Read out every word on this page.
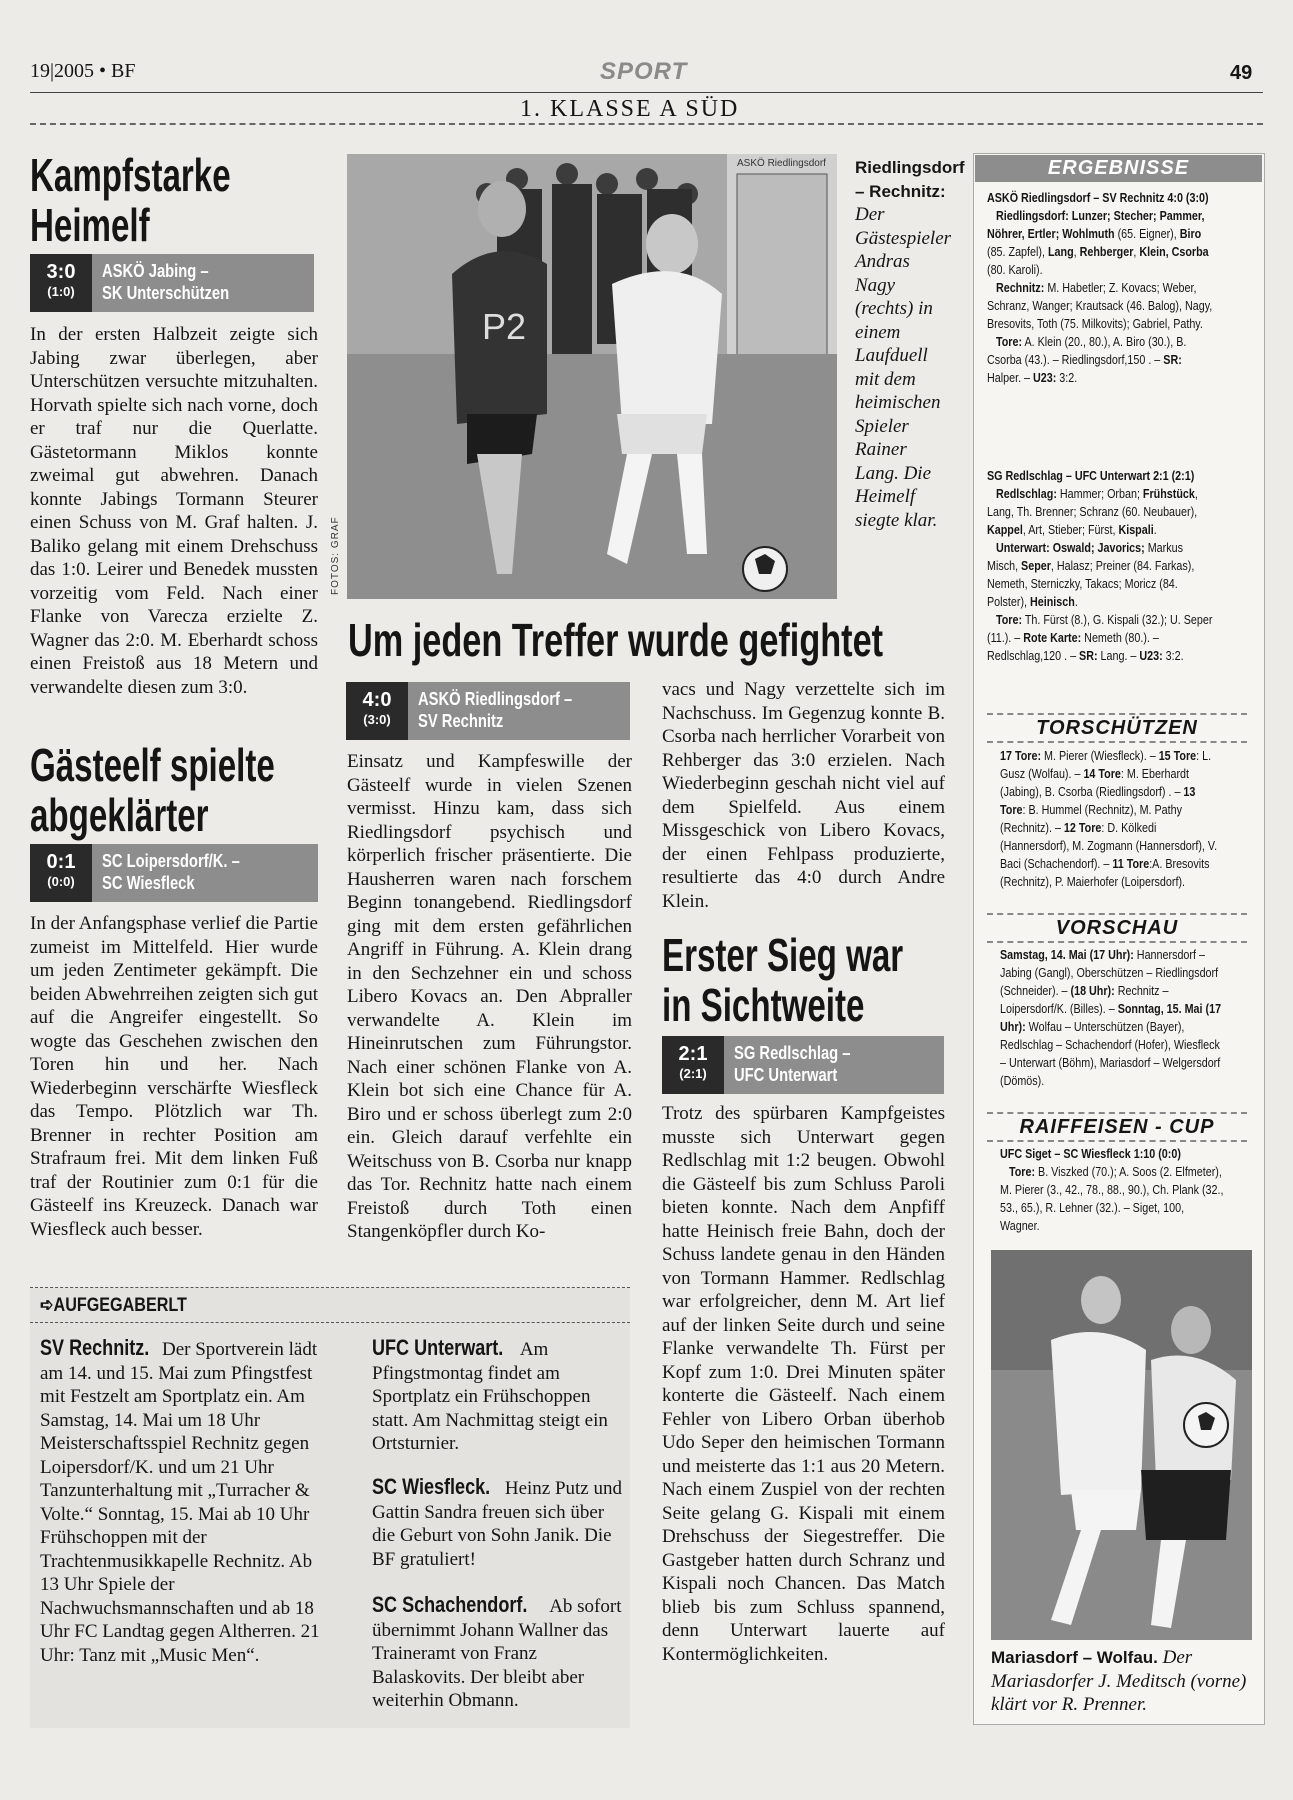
19|2005 • BF	SPORT	49
1. KLASSE A SÜD
Kampfstarke Heimelf
3:0
(1:0)
ASKÖ Jabing –
SK Unterschützen

In der ersten Halbzeit zeigte sich Jabing zwar überlegen, aber Unterschützen versuchte mitzuhalten. Horvath spielte sich nach vorne, doch er traf nur die Querlatte. Gästetormann Miklos konnte zweimal gut abwehren. Danach konnte Jabings Tormann Steurer einen Schuss von M. Graf halten. J. Baliko gelang mit einem Drehschuss das 1:0. Leirer und Benedek mussten vorzeitig vom Feld. Nach einer Flanke von Varecza erzielte Z. Wagner das 2:0. M. Eberhardt schoss einen Freistoß aus 18 Metern und verwandelte diesen zum 3:0.

Gästeelf spielte abgeklärter
0:1
(0:0)
SC Loipersdorf/K. –
SC Wiesfleck

In der Anfangsphase verlief die Partie zumeist im Mittelfeld. Hier wurde um jeden Zentimeter gekämpft. Die beiden Abwehrreihen zeigten sich gut auf die Angreifer eingestellt. So wogte das Geschehen zwischen den Toren hin und her. Nach Wiederbeginn verschärfte Wiesfleck das Tempo. Plötzlich war Th. Brenner in rechter Position am Strafraum frei. Mit dem linken Fuß traf der Routinier zum 0:1 für die Gästeelf ins Kreuzeck. Danach war Wiesfleck auch besser.

P2
ASKÖ Riedlingsdorf
FOTOS: GRAF
Riedlingsdorf – Rechnitz:
Der Gästespieler Andras Nagy (rechts) in einem Laufduell mit dem heimischen Spieler Rainer Lang. Die Heimelf siegte klar.
Um jeden Treffer wurde gefightet
4:0
(3:0)
ASKÖ Riedlingsdorf –
SV Rechnitz

Einsatz und Kampfeswille der Gästeelf wurde in vielen Szenen vermisst. Hinzu kam, dass sich Riedlingsdorf psychisch und körperlich frischer präsentierte. Die Hausherren waren nach forschem Beginn tonangebend. Riedlingsdorf ging mit dem ersten gefährlichen Angriff in Führung. A. Klein drang in den Sechzehner ein und schoss Libero Kovacs an. Den Abpraller verwandelte A. Klein im Hineinrutschen zum Führungstor. Nach einer schönen Flanke von A. Klein bot sich eine Chance für A. Biro und er schoss überlegt zum 2:0 ein. Gleich darauf verfehlte ein Weitschuss von B. Csorba nur knapp das Tor. Rechnitz hatte nach einem Freistoß durch Toth einen Stangenköpfler durch Ko-

vacs und Nagy verzettelte sich im Nachschuss. Im Gegenzug konnte B. Csorba nach herrlicher Vorarbeit von Rehberger das 3:0 erzielen. Nach Wiederbeginn geschah nicht viel auf dem Spielfeld. Aus einem Missgeschick von Libero Kovacs, der einen Fehlpass produzierte, resultierte das 4:0 durch Andre Klein.

Erster Sieg war in Sichtweite
2:1
(2:1)
SG Redlschlag –
UFC Unterwart

Trotz des spürbaren Kampfgeistes musste sich Unterwart gegen Redlschlag mit 1:2 beugen. Obwohl die Gästeelf bis zum Schluss Paroli bieten konnte. Nach dem Anpfiff hatte Heinisch freie Bahn, doch der Schuss landete genau in den Händen von Tormann Hammer. Redlschlag war erfolgreicher, denn M. Art lief auf der linken Seite durch und seine Flanke verwandelte Th. Fürst per Kopf zum 1:0. Drei Minuten später konterte die Gästeelf. Nach einem Fehler von Libero Orban überhob Udo Seper den heimischen Tormann und meisterte das 1:1 aus 20 Metern. Nach einem Zuspiel von der rechten Seite gelang G. Kispali mit einem Drehschuss der Siegestreffer. Die Gastgeber hatten durch Schranz und Kispali noch Chancen. Das Match blieb bis zum Schluss spannend, denn Unterwart lauerte auf Kontermöglichkeiten.

➪AUFGEGABERLT
SV Rechnitz. Der Sportverein lädt am 14. und 15. Mai zum Pfingstfest mit Festzelt am Sportplatz ein. Am Samstag, 14. Mai um 18 Uhr Meisterschaftsspiel Rechnitz gegen Loipersdorf/K. und um 21 Uhr Tanzunterhaltung mit „Turracher & Volte.“ Sonntag, 15. Mai ab 10 Uhr Frühschoppen mit der Trachtenmusikkapelle Rechnitz. Ab 13 Uhr Spiele der Nachwuchsmannschaften und ab 18 Uhr FC Landtag gegen Altherren. 21 Uhr: Tanz mit „Music Men“.
UFC Unterwart. Am Pfingstmontag findet am Sportplatz ein Frühschoppen statt. Am Nachmittag steigt ein Ortsturnier.
SC Wiesfleck. Heinz Putz und Gattin Sandra freuen sich über die Geburt von Sohn Janik. Die BF gratuliert!
SC Schachendorf. Ab sofort übernimmt Johann Wallner das Traineramt von Franz Balaskovits. Der bleibt aber weiterhin Obmann.
ERGEBNISSE
ASKÖ Riedlingsdorf – SV Rechnitz 4:0 (3:0)
Riedlingsdorf: Lunzer; Stecher; Pammer, Nöhrer, Ertler; Wohlmuth (65. Eigner), Biro (85. Zapfel), Lang, Rehberger, Klein, Csorba (80. Karoli).
Rechnitz: M. Habetler; Z. Kovacs; Weber, Schranz, Wanger; Krautsack (46. Balog), Nagy, Bresovits, Toth (75. Milkovits); Gabriel, Pathy.
Tore: A. Klein (20., 80.), A. Biro (30.), B. Csorba (43.). – Riedlingsdorf,150 . – SR: Halper. – U23: 3:2.
SG Redlschlag – UFC Unterwart 2:1 (2:1)
Redlschlag: Hammer; Orban; Frühstück, Lang, Th. Brenner; Schranz (60. Neubauer), Kappel, Art, Stieber; Fürst, Kispali.
Unterwart: Oswald; Javorics; Markus Misch, Seper, Halasz; Preiner (84. Farkas), Nemeth, Sterniczky, Takacs; Moricz (84. Polster), Heinisch.
Tore: Th. Fürst (8.), G. Kispali (32.); U. Seper (11.). – Rote Karte: Nemeth (80.). – Redlschlag,120 . – SR: Lang. – U23: 3:2.
TORSCHÜTZEN
17 Tore: M. Pierer (Wiesfleck). – 15 Tore: L. Gusz (Wolfau). – 14 Tore: M. Eberhardt (Jabing), B. Csorba (Riedlingsdorf) . – 13 Tore: B. Hummel (Rechnitz), M. Pathy (Rechnitz). – 12 Tore: D. Kölkedi (Hannersdorf), M. Zogmann (Hannersdorf), V. Baci (Schachendorf). – 11 Tore:A. Bresovits (Rechnitz), P. Maierhofer (Loipersdorf).
VORSCHAU
Samstag, 14. Mai (17 Uhr): Hannersdorf – Jabing (Gangl), Oberschützen – Riedlingsdorf (Schneider). – (18 Uhr): Rechnitz – Loipersdorf/K. (Billes). – Sonntag, 15. Mai (17 Uhr): Wolfau – Unterschützen (Bayer), Redlschlag – Schachendorf (Hofer), Wiesfleck – Unterwart (Böhm), Mariasdorf – Welgersdorf (Dömös).
RAIFFEISEN - CUP
UFC Siget – SC Wiesfleck 1:10 (0:0)
Tore: B. Viszked (70.); A. Soos (2. Elfmeter), M. Pierer (3., 42., 78., 88., 90.), Ch. Plank (32., 53., 65.), R. Lehner (32.). – Siget, 100, Wagner.
Mariasdorf – Wolfau. Der Mariasdorfer J. Meditsch (vorne) klärt vor R. Prenner.
